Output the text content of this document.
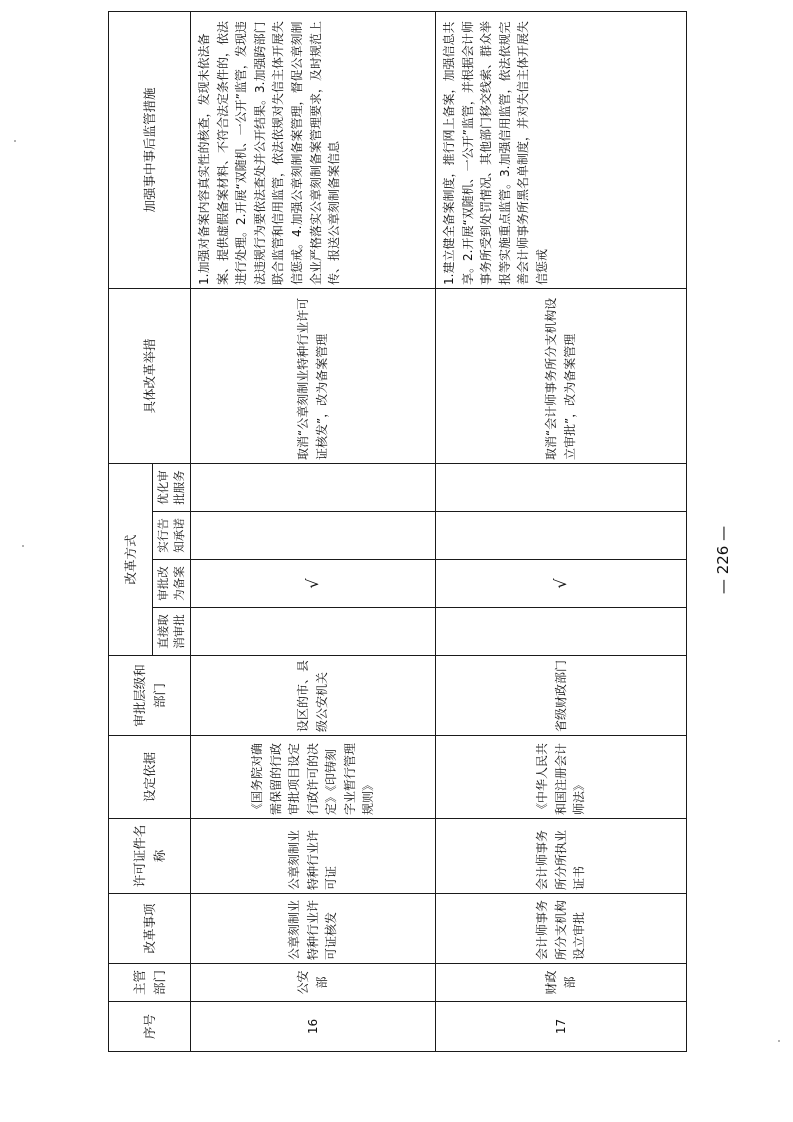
序号	主管部门	改革事项	许可证件名称	设定依据	审批层级和部门	改革方式				具体改革举措	加强事中事后监管措施
						直接取消审批	审批改为备案	实行告知承诺	优化审批服务		
16	公安部	公章刻制业特种行业许可证核发	公章刻制业特种行业许可证	《国务院对确需保留的行政审批项目设定行政许可的决定》《印铸刻字业暂行管理规则》	设区的市、县级公安机关		√			取消“公章刻制业特种行业许可证核发”，改为备案管理	1.加强对备案内容真实性的核查，发现未依法备案、提供虚假备案材料、不符合法定条件的，依法进行处理。2.开展“双随机、一公开”监管，发现违法违规行为要依法查处并公开结果。3.加强跨部门联合监管和信用监管，依法依规对失信主体开展失信惩戒。4.加强公章刻制备案管理，督促公章刻制企业严格落实公章刻制备案管理要求，及时规范上传、报送公章刻制备案信息
17	财政部	会计师事务所分支机构设立审批	会计师事务所分所执业证书	《中华人民共和国注册会计师法》	省级财政部门		√			取消“会计师事务所分支机构设立审批”，改为备案管理	1.建立健全备案制度，推行网上备案，加强信息共享。2.开展“双随机、一公开”监管，并根据会计师事务所受到处罚情况、其他部门移交线索、群众举报等实施重点监管。3.加强信用监管，依法依规完善会计师事务所黑名单制度，并对失信主体开展失信惩戒
— 226 —
